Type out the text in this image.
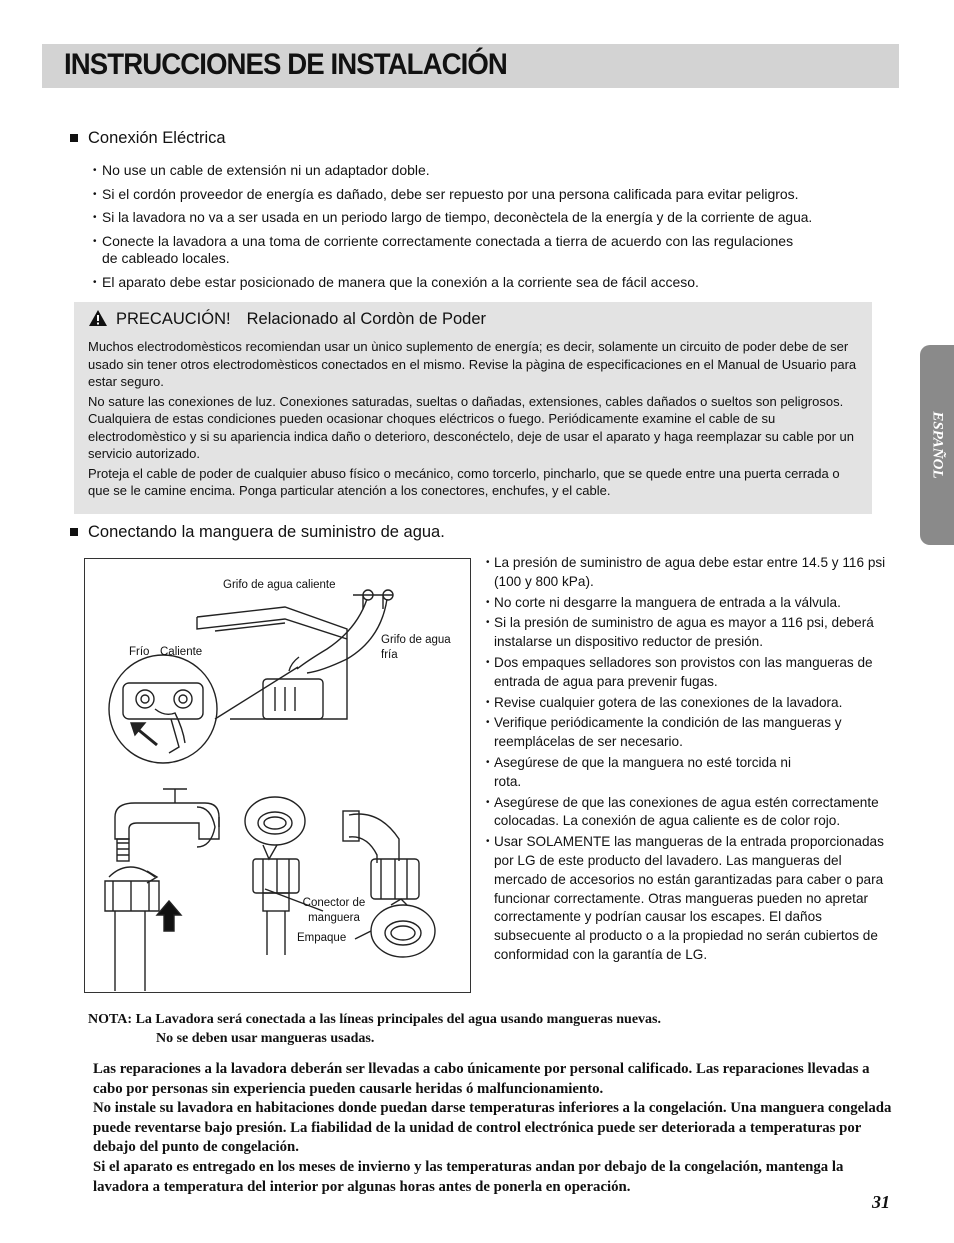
INSTRUCCIONES DE INSTALACIÓN
ESPAÑOL
Conexión Eléctrica
• No use un cable de extensión ni un adaptador doble.
• Si el cordón proveedor de energía es dañado, debe ser repuesto por una persona calificada para evitar peligros.
• Si la lavadora no va a ser usada en un periodo largo de tiempo, deconèctela de la energía y de la corriente de agua.
• Conecte la lavadora a una toma de corriente correctamente conectada a tierra de acuerdo con las regulaciones de cableado locales.
• El aparato debe estar posicionado de manera que la conexión a la corriente sea de fácil acceso.
PRECAUCIÓN! Relacionado al Cordòn de Poder

Muchos electrodomèsticos recomiendan usar un ùnico suplemento de energía; es decir, solamente un circuito de poder debe de ser usado sin tener otros electrodomèsticos conectados en el mismo. Revise la pàgina de especificaciones en el Manual de Usuario para estar seguro.

No sature las conexiones de luz. Conexiones saturadas, sueltas o dañadas, extensiones, cables dañados o sueltos son peligrosos. Cualquiera de estas condiciones pueden ocasionar choques eléctricos o fuego. Periódicamente examine el cable de su electrodomèstico y si su apariencia indica daño o deterioro, desconéctelo, deje de usar el aparato y haga reemplazar su cable por un servicio autorizado.

Proteja el cable de poder de cualquier abuso físico o mecánico, como torcerlo, pincharlo, que se quede entre una puerta cerrada o que se le camine encima. Ponga particular atención a los conectores, enchufes, y el cable.

Conectando la manguera de suministro de agua.
Grifo de agua caliente
Frío Caliente
Grifo de agua fría
Conector de manguera
Empaque
• La presión de suministro de agua debe estar entre 14.5 y 116 psi (100 y 800 kPa).
• No corte ni desgarre la manguera de entrada a la válvula.
• Si la presión de suministro de agua es mayor a 116 psi, deberá instalarse un dispositivo reductor de presión.
• Dos empaques selladores son provistos con las mangueras de entrada de agua para prevenir fugas.
• Revise cualquier gotera de las conexiones de la lavadora.
• Verifique periódicamente la condición de las mangueras y reemplácelas de ser necesario.
• Asegúrese de que la manguera no esté torcida ni rota.
• Asegúrese de que las conexiones de agua estén correctamente colocadas. La conexión de agua caliente es de color rojo.
• Usar SOLAMENTE las mangueras de la entrada proporcionadas por LG de este producto del lavadero. Las mangueras del mercado de accesorios no están garantizadas para caber o para funcionar correctamente. Otras mangueras pueden no apretar correctamente y podrían causar los escapes. El daños subsecuente al producto o a la propiedad no serán cubiertos de conformidad con la garantía de LG.
NOTA: La Lavadora será conectada a las líneas principales del agua usando mangueras nuevas.
No se deben usar mangueras usadas.

Las reparaciones a la lavadora deberán ser llevadas a cabo únicamente por personal calificado. Las reparaciones llevadas a cabo por personas sin experiencia pueden causarle heridas ó malfuncionamiento.

No instale su lavadora en habitaciones donde puedan darse temperaturas inferiores a la congelación. Una manguera congelada puede reventarse bajo presión. La fiabilidad de la unidad de control electrónica puede ser deteriorada a temperaturas por debajo del punto de congelación.

Si el aparato es entregado en los meses de invierno y las temperaturas andan por debajo de la congelación, mantenga la lavadora a temperatura del interior por algunas horas antes de ponerla en operación.

31
